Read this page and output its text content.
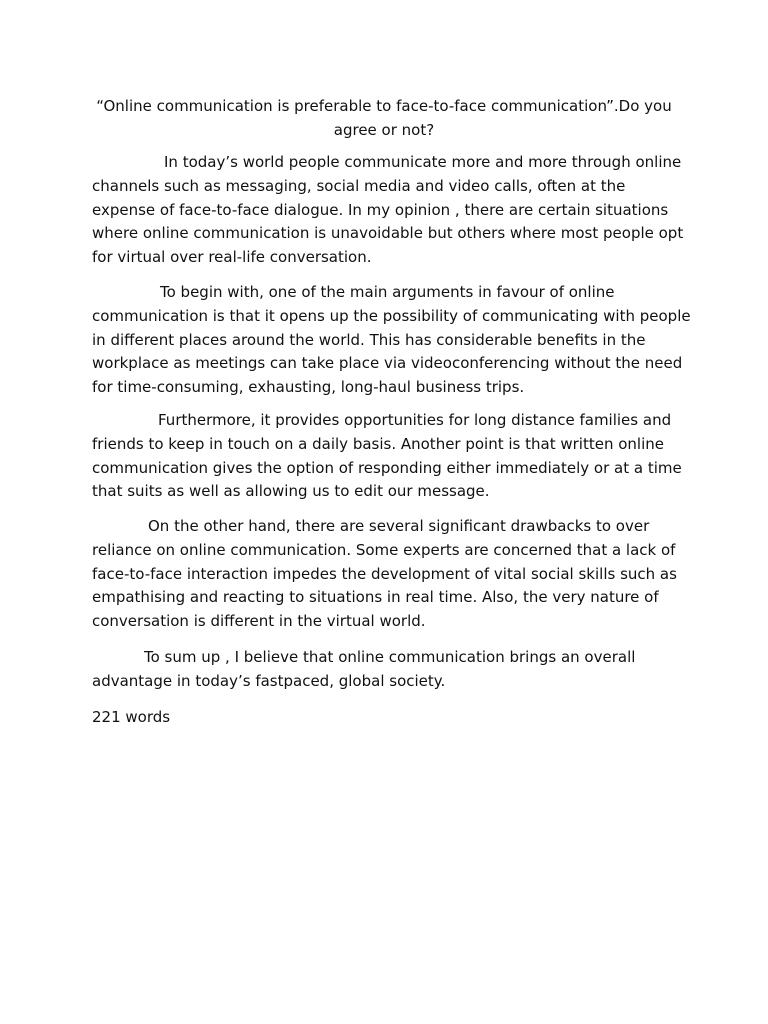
“Online communication is preferable to face-to-face communication”.Do you agree or not?

In today’s world people communicate more and more through online channels such as messaging, social media and video calls, often at the expense of face-to-face dialogue. In my opinion , there are certain situations where online communication is unavoidable but others where most people opt for virtual over real-life conversation.

To begin with, one of the main arguments in favour of online communication is that it opens up the possibility of communicating with people in different places around the world. This has considerable benefits in the workplace as meetings can take place via videoconferencing without the need for time-consuming, exhausting, long-haul business trips.

Furthermore, it provides opportunities for long distance families and friends to keep in touch on a daily basis. Another point is that written online communication gives the option of responding either immediately or at a time that suits as well as allowing us to edit our message.

On the other hand, there are several significant drawbacks to over reliance on online communication. Some experts are concerned that a lack of face-to-face interaction impedes the development of vital social skills such as empathising and reacting to situations in real time. Also, the very nature of conversation is different in the virtual world.

To sum up , I believe that online communication brings an overall advantage in today’s fastpaced, global society.

221 words
